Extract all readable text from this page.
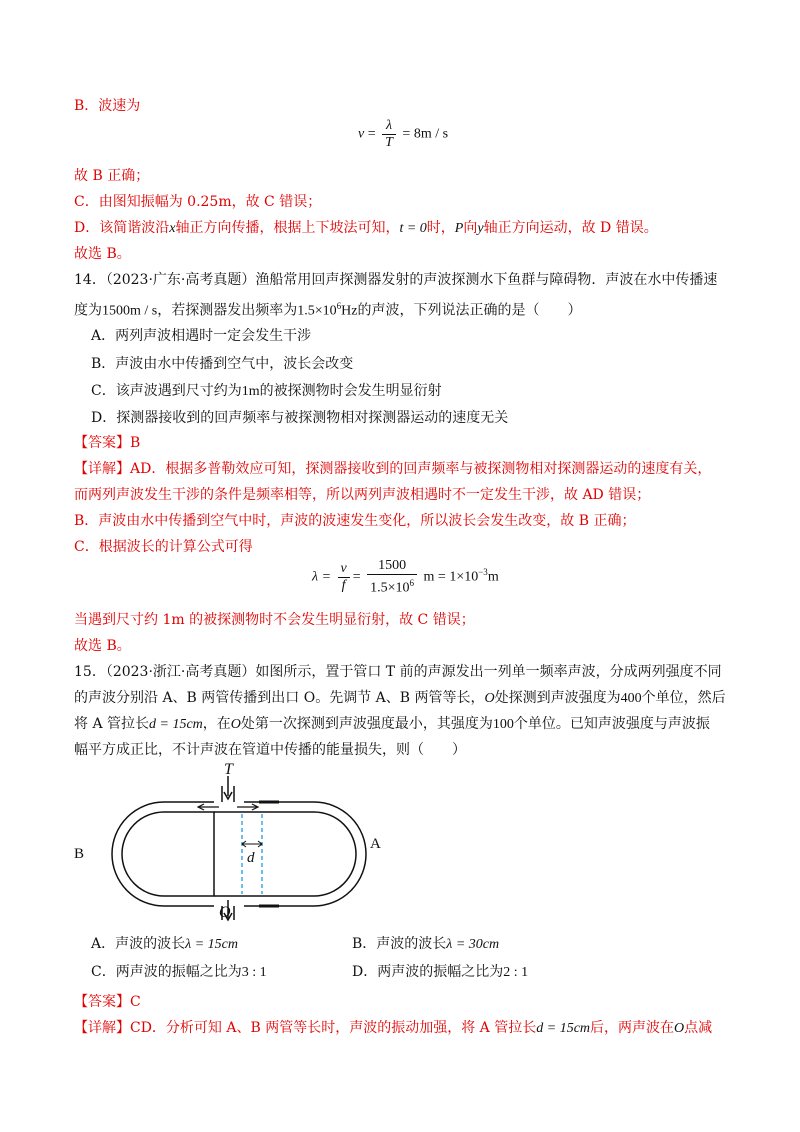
B．波速为
$v = \frac{\lambda}{T} = 8m / s$
故 B 正确；
C．由图知振幅为 0.25m，故 C 错误；
D．该简谐波沿x轴正方向传播，根据上下坡法可知，t = 0时，P向y轴正方向运动，故 D 错误。
故选 B。
14．（2023·广东·高考真题）渔船常用回声探测器发射的声波探测水下鱼群与障碍物．声波在水中传播速
度为1500m / s，若探测器发出频率为$1.5\times 10^6Hz$的声波，下列说法正确的是（　　）
A．两列声波相遇时一定会发生干涉
B．声波由水中传播到空气中，波长会改变
C．该声波遇到尺寸约为1m的被探测物时会发生明显衍射
D．探测器接收到的回声频率与被探测物相对探测器运动的速度无关
【答案】B
【详解】AD．根据多普勒效应可知，探测器接收到的回声频率与被探测物相对探测器运动的速度有关，
而两列声波发生干涉的条件是频率相等，所以两列声波相遇时不一定发生干涉，故 AD 错误；
B．声波由水中传播到空气中时，声波的波速发生变化，所以波长会发生改变，故 B 正确；
C．根据波长的计算公式可得
$\lambda = \frac{v}{f} = \frac{1500}{1.5\times 10^6}$ $m = 1\times 10^{-3}m$
当遇到尺寸约 1m 的被探测物时不会发生明显衍射，故 C 错误；
故选 B。
15．（2023·浙江·高考真题）如图所示，置于管口 T 前的声源发出一列单一频率声波，分成两列强度不同
的声波分别沿 A、B 两管传播到出口 O。先调节 A、B 两管等长，O处探测到声波强度为400个单位，然后
将 A 管拉长d = 15cm，在O处第一次探测到声波强度最小，其强度为100个单位。已知声波强度与声波振
幅平方成正比，不计声波在管道中传播的能量损失，则（　　）
T
d
B
A
O
A．声波的波长λ = 15cm	B．声波的波长λ = 30cm
C．两声波的振幅之比为3 : 1	D．两声波的振幅之比为2 : 1
【答案】C
【详解】CD．分析可知 A、B 两管等长时，声波的振动加强，将 A 管拉长d = 15cm后，两声波在O点减
